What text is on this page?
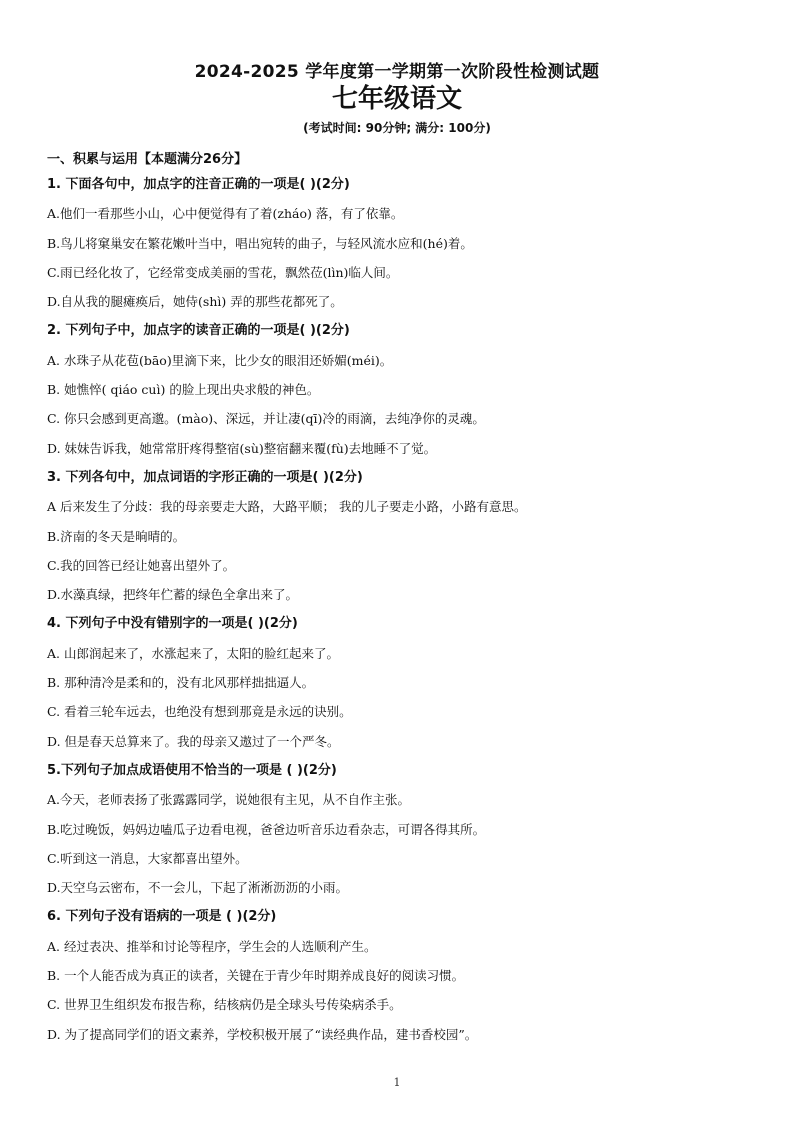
2024-2025 学年度第一学期第一次阶段性检测试题
七年级语文
(考试时间: 90分钟; 满分: 100分)
一、积累与运用【本题满分26分】
1. 下面各句中，加点字的注音正确的一项是( )(2分)
A.他们一看那些小山，心中便觉得有了着(zháo) 落，有了依靠。
B.鸟儿将窠巢安在繁花嫩叶当中，唱出宛转的曲子，与轻风流水应和(hé)着。
C.雨已经化妆了，它经常变成美丽的雪花，飘然莅(lìn)临人间。
D.自从我的腿瘫痪后，她侍(shì) 弄的那些花都死了。
2. 下列句子中，加点字的读音正确的一项是( )(2分)
A. 水珠子从花苞(bāo)里滴下来，比少女的眼泪还娇媚(méi)。
B. 她憔悴( qiáo cuì) 的脸上现出央求般的神色。
C. 你只会感到更高邈。(mào)、深远，并让凄(qī)冷的雨滴，去纯净你的灵魂。
D. 妹妹告诉我，她常常肝疼得整宿(sù)整宿翻来覆(fù)去地睡不了觉。
3. 下列各句中，加点词语的字形正确的一项是( )(2分)
A 后来发生了分歧：我的母亲要走大路，大路平顺； 我的儿子要走小路，小路有意思。
B.济南的冬天是晌晴的。
C.我的回答已经让她喜出望外了。
D.水藻真绿，把终年伫蓄的绿色全拿出来了。
4. 下列句子中没有错别字的一项是( )(2分)
A. 山郎润起来了，水涨起来了，太阳的脸红起来了。
B. 那种清冷是柔和的，没有北风那样拙拙逼人。
C. 看着三轮车远去，也绝没有想到那竟是永远的诀别。
D. 但是春天总算来了。我的母亲又遨过了一个严冬。
5.下列句子加点成语使用不恰当的一项是 ( )(2分)
A.今天，老师表扬了张露露同学，说她很有主见，从不自作主张。
B.吃过晚饭，妈妈边嗑瓜子边看电视，爸爸边听音乐边看杂志，可谓各得其所。
C.听到这一消息，大家都喜出望外。
D.天空乌云密布，不一会儿，下起了淅淅沥沥的小雨。
6. 下列句子没有语病的一项是 ( )(2分)
A. 经过表决、推举和讨论等程序，学生会的人选顺利产生。
B. 一个人能否成为真正的读者，关键在于青少年时期养成良好的阅读习惯。
C. 世界卫生组织发布报告称，结核病仍是全球头号传染病杀手。
D. 为了提高同学们的语文素养，学校积极开展了“读经典作品，建书香校园”。
1
